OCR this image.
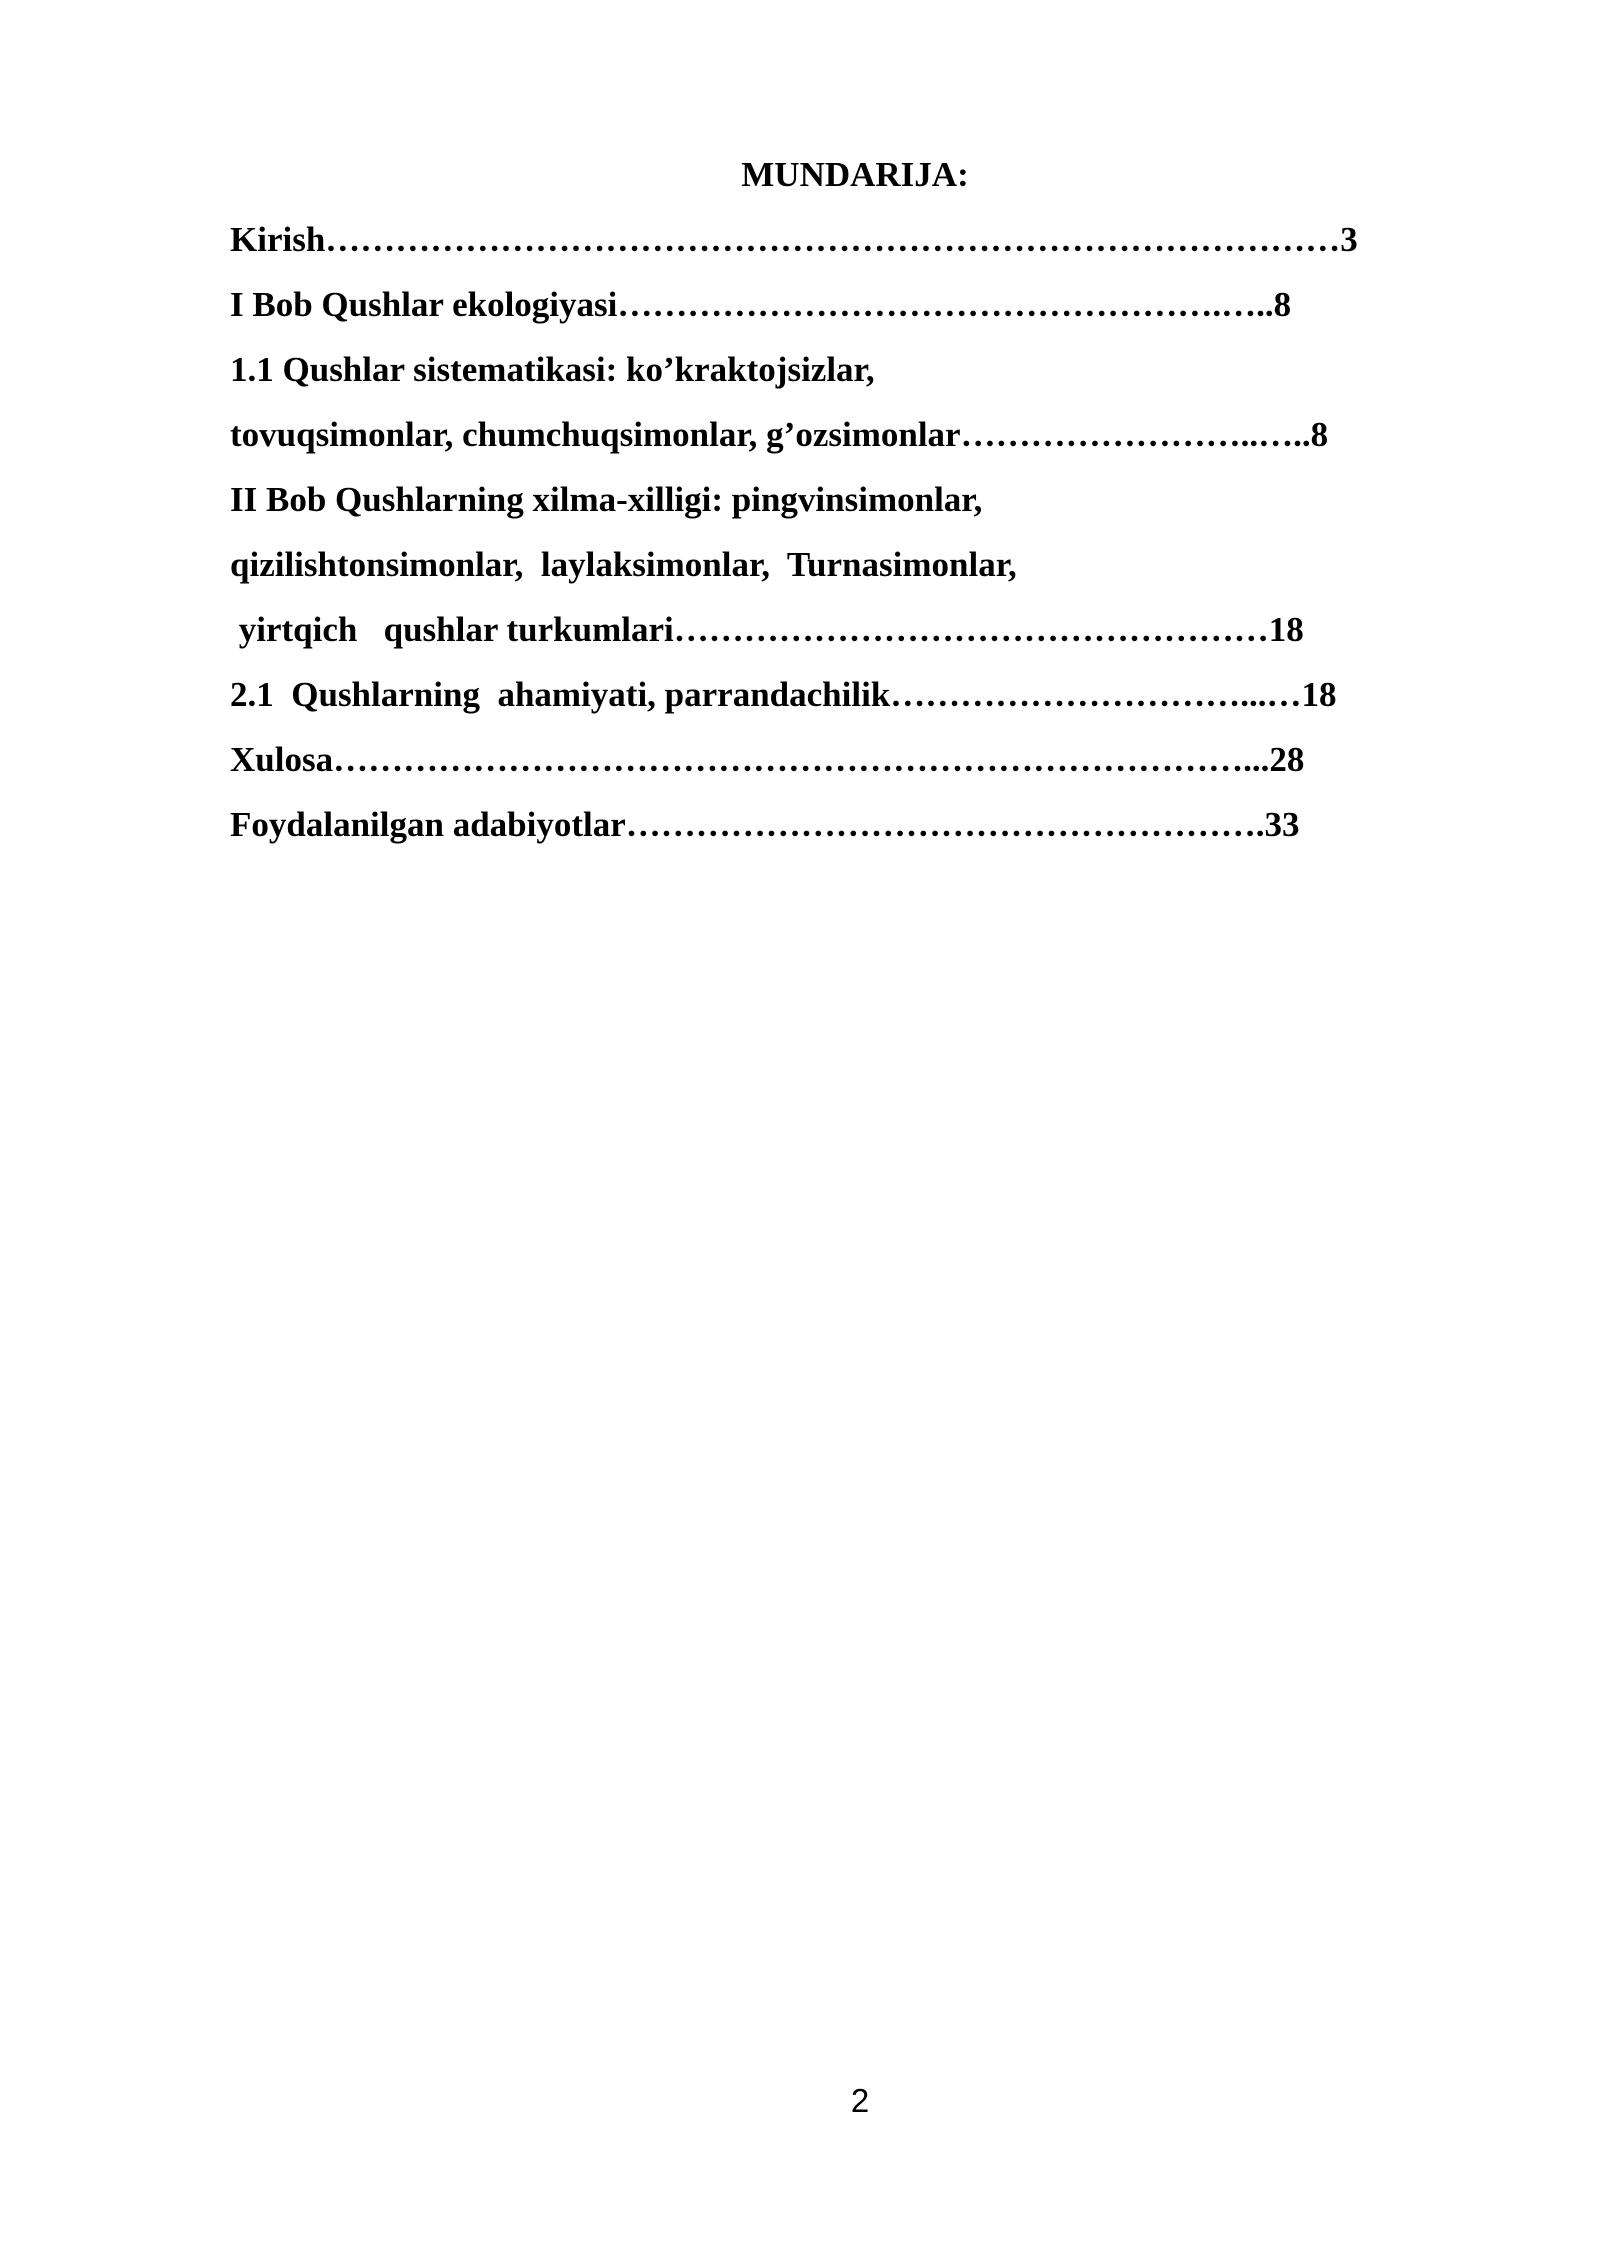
MUNDARIJA:
Kirish……………………………………………………………………………3
I Bob Qushlar ekologiyasi…………………………………………….…..8
1.1 Qushlar sistematikasi: ko’kraktojsizlar,
tovuqsimonlar, chumchuqsimonlar, g’ozsimonlar……………………..…..8
II Bob Qushlarning xilma-xilligi: pingvinsimonlar,
qizilishtonsimonlar,  laylaksimonlar,  Turnasimonlar,
yirtqich   qushlar turkumlari……………………………………………18
2.1  Qushlarning  ahamiyati, parrandachilik…………………………...…18
Xulosa……………………………………………………………………...28
Foydalanilgan adabiyotlar……………………………………………….33
2
